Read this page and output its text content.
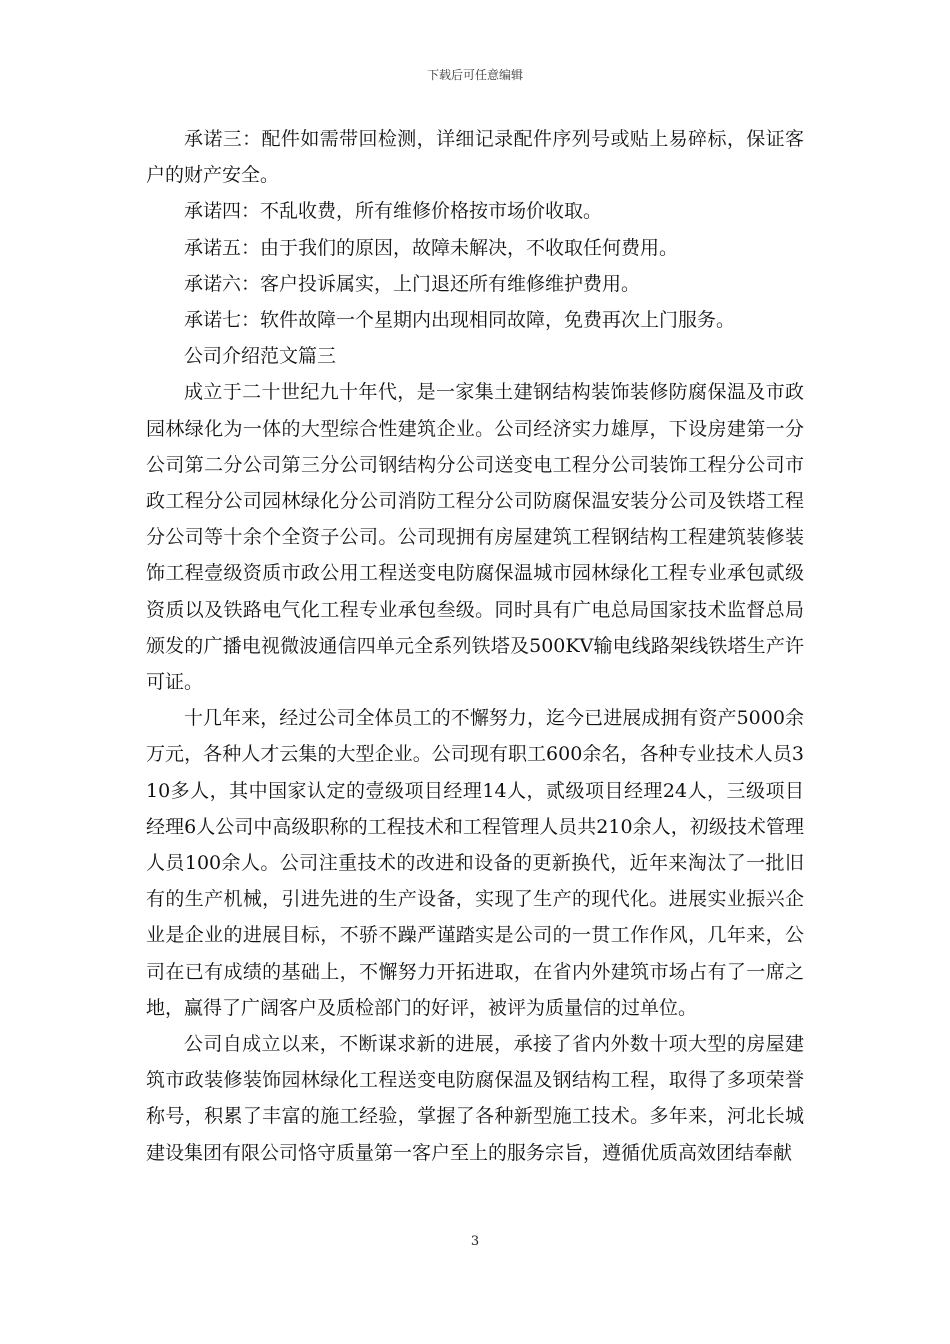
下载后可任意编辑

承诺三：配件如需带回检测，详细记录配件序列号或贴上易碎标，保证客户的财产安全。

承诺四：不乱收费，所有维修价格按市场价收取。

承诺五：由于我们的原因，故障未解决，不收取任何费用。

承诺六：客户投诉属实，上门退还所有维修维护费用。

承诺七：软件故障一个星期内出现相同故障，免费再次上门服务。

公司介绍范文篇三

成立于二十世纪九十年代，是一家集土建钢结构装饰装修防腐保温及市政园林绿化为一体的大型综合性建筑企业。公司经济实力雄厚，下设房建第一分公司第二分公司第三分公司钢结构分公司送变电工程分公司装饰工程分公司市政工程分公司园林绿化分公司消防工程分公司防腐保温安装分公司及铁塔工程分公司等十余个全资子公司。公司现拥有房屋建筑工程钢结构工程建筑装修装饰工程壹级资质市政公用工程送变电防腐保温城市园林绿化工程专业承包贰级资质以及铁路电气化工程专业承包叁级。同时具有广电总局国家技术监督总局颁发的广播电视微波通信四单元全系列铁塔及500KV输电线路架线铁塔生产许可证。

十几年来，经过公司全体员工的不懈努力，迄今已进展成拥有资产5000余万元，各种人才云集的大型企业。公司现有职工600余名，各种专业技术人员310多人，其中国家认定的壹级项目经理14人，贰级项目经理24人，三级项目经理6人公司中高级职称的工程技术和工程管理人员共210余人，初级技术管理人员100余人。公司注重技术的改进和设备的更新换代，近年来淘汰了一批旧有的生产机械，引进先进的生产设备，实现了生产的现代化。进展实业振兴企业是企业的进展目标，不骄不躁严谨踏实是公司的一贯工作作风，几年来，公司在已有成绩的基础上，不懈努力开拓进取，在省内外建筑市场占有了一席之地，赢得了广阔客户及质检部门的好评，被评为质量信的过单位。

公司自成立以来，不断谋求新的进展，承接了省内外数十项大型的房屋建筑市政装修装饰园林绿化工程送变电防腐保温及钢结构工程，取得了多项荣誉称号，积累了丰富的施工经验，掌握了各种新型施工技术。多年来，河北长城建设集团有限公司恪守质量第一客户至上的服务宗旨，遵循优质高效团结奉献

3
